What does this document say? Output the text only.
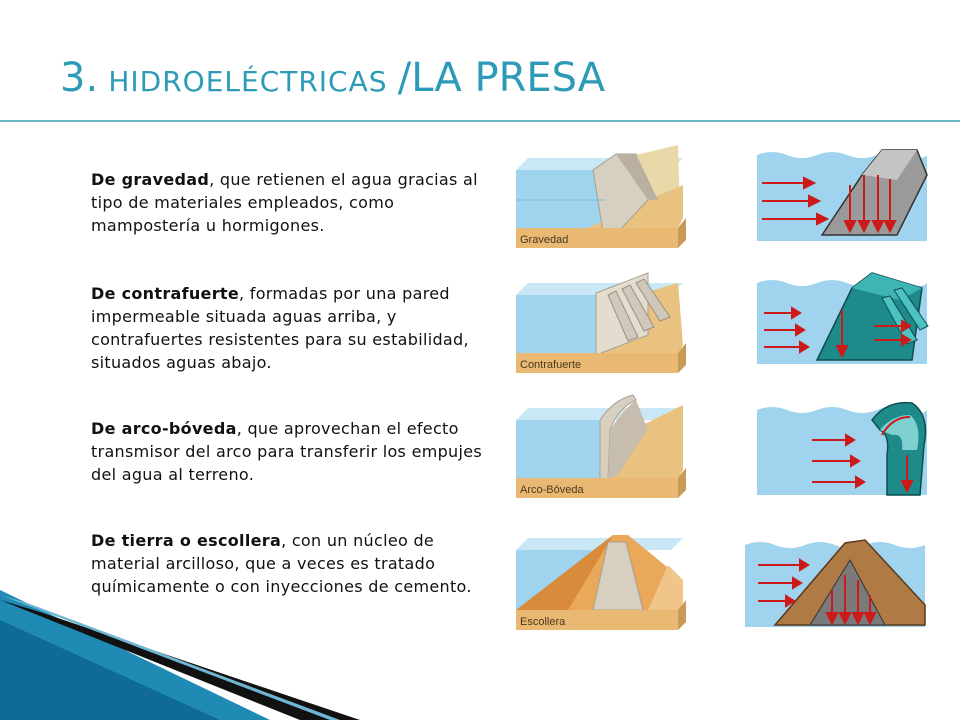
3. HIDROELÉCTRICAS /LA PRESA
De gravedad, que retienen el agua gracias al tipo de materiales empleados, como mampostería u hormigones.
De contrafuerte, formadas por una pared impermeable situada aguas arriba, y contrafuertes resistentes para su estabilidad, situados aguas abajo.
De arco-bóveda, que aprovechan el efecto transmisor del arco para transferir los empujes del agua al terreno.
De tierra o escollera, con un núcleo de material arcilloso, que a veces es tratado químicamente o con inyecciones de cemento.
Gravedad
Contrafuerte
Arco-Bóveda
Escollera
